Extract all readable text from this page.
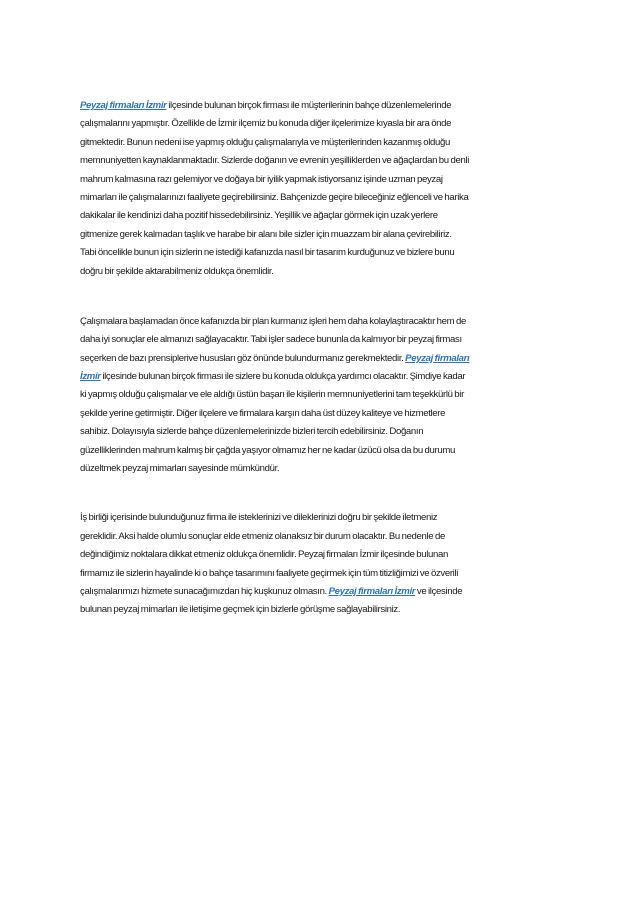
Peyzaj firmaları İzmir ilçesinde bulunan birçok firması ile müşterilerinin bahçe düzenlemelerinde
çalışmalarını yapmıştır. Özellikle de İzmir ilçemiz bu konuda diğer ilçelerimize kıyasla bir ara önde
gitmektedir. Bunun nedeni ise yapmış olduğu çalışmalarıyla ve müşterilerinden kazanmış olduğu
memnuniyetten kaynaklanmaktadır. Sizlerde doğanın ve evrenin yeşilliklerden ve ağaçlardan bu denli
mahrum kalmasına razı gelemiyor ve doğaya bir iyilik yapmak istiyorsanız işinde uzman peyzaj
mimarları ile çalışmalarınızı faaliyete geçirebilirsiniz. Bahçenizde geçire bileceğiniz eğlenceli ve harika
dakikalar ile kendinizi daha pozitif hissedebilirsiniz. Yeşillik ve ağaçlar görmek için uzak yerlere
gitmenize gerek kalmadan taşlık ve harabe bir alanı bile sizler için muazzam bir alana çevirebiliriz.
Tabi öncelikle bunun için sizlerin ne istediği kafanızda nasıl bir tasarım kurduğunuz ve bizlere bunu
doğru bir şekilde aktarabilmeniz oldukça önemlidir.

Çalışmalara başlamadan önce kafanızda bir plan kurmanız işleri hem daha kolaylaştıracaktır hem de
daha iyi sonuçlar ele almanızı sağlayacaktır. Tabi işler sadece bununla da kalmıyor bir peyzaj firması
seçerken de bazı prensiplerive hususları göz önünde bulundurmanız gerekmektedir. Peyzaj firmaları
İzmir ilçesinde bulunan birçok firması ile sizlere bu konuda oldukça yardımcı olacaktır. Şimdiye kadar
ki yapmış olduğu çalışmalar ve ele aldığı üstün başarı ile kişilerin memnuniyetlerini tam teşekkürlü bir
şekilde yerine getirmiştir. Diğer ilçelere ve firmalara karşın daha üst düzey kaliteye ve hizmetlere
sahibiz. Dolayısıyla sizlerde bahçe düzenlemelerinizde bizleri tercih edebilirsiniz. Doğanın
güzelliklerinden mahrum kalmış bir çağda yaşıyor olmamız her ne kadar üzücü olsa da bu durumu
düzeltmek peyzaj mimarları sayesinde mümkündür.

İş birliği içerisinde bulunduğunuz firma ile isteklerinizi ve dileklerinizi doğru bir şekilde iletmeniz
gereklidir. Aksi halde olumlu sonuçlar elde etmeniz olanaksız bir durum olacaktır. Bu nedenle de
değindiğimiz noktalara dikkat etmeniz oldukça önemlidir. Peyzaj firmaları İzmir ilçesinde bulunan
firmamız ile sizlerin hayalinde ki o bahçe tasarımını faaliyete geçirmek için tüm titizliğimizi ve özverili
çalışmalarımızı hizmete sunacağımızdan hiç kuşkunuz olmasın. Peyzaj firmaları İzmir ve ilçesinde
bulunan peyzaj mimarları ile iletişime geçmek için bizlerle görüşme sağlayabilirsiniz.
